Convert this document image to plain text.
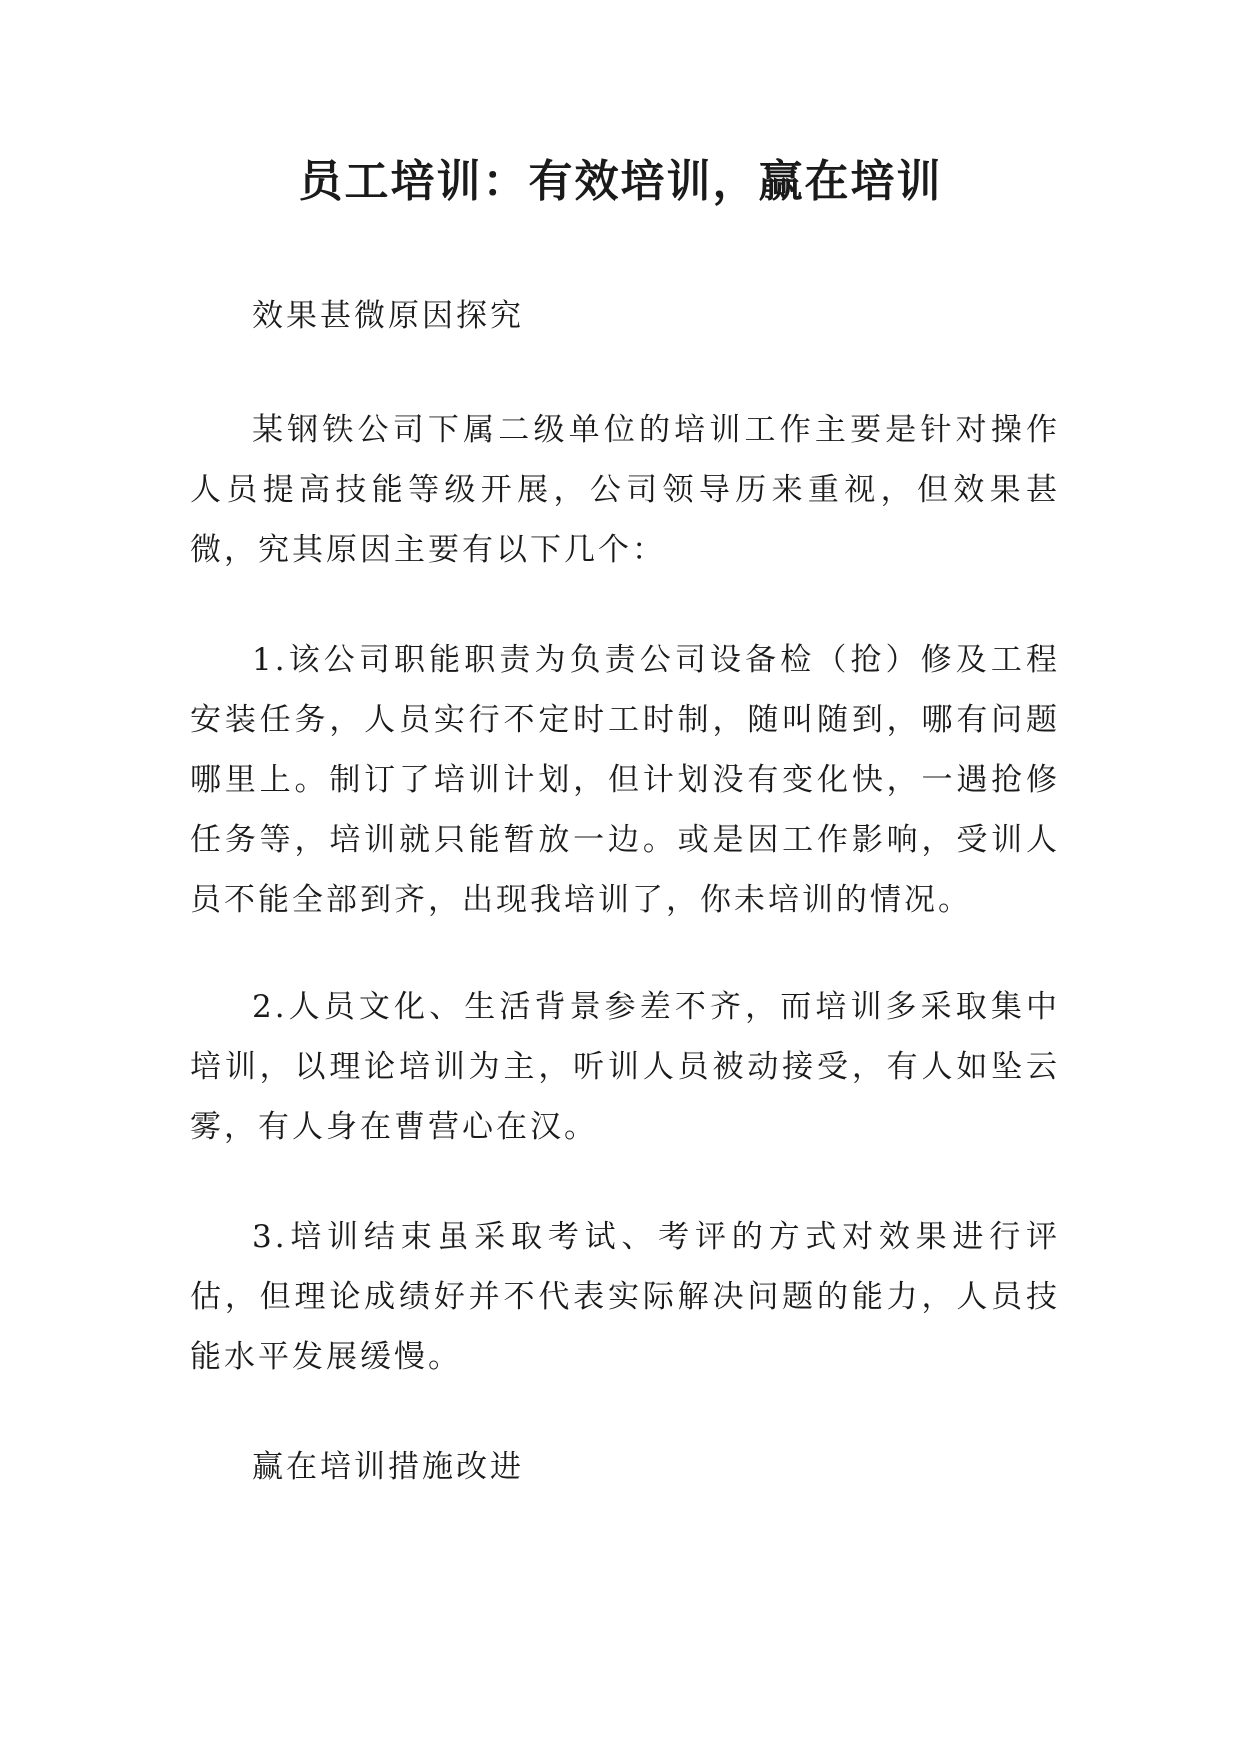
员工培训：有效培训，赢在培训

效果甚微原因探究

某钢铁公司下属二级单位的培训工作主要是针对操作人员提高技能等级开展，公司领导历来重视，但效果甚微，究其原因主要有以下几个：

1.该公司职能职责为负责公司设备检（抢）修及工程安装任务，人员实行不定时工时制，随叫随到，哪有问题哪里上。制订了培训计划，但计划没有变化快，一遇抢修任务等，培训就只能暂放一边。或是因工作影响，受训人员不能全部到齐，出现我培训了，你未培训的情况。

2.人员文化、生活背景参差不齐，而培训多采取集中培训，以理论培训为主，听训人员被动接受，有人如坠云雾，有人身在曹营心在汉。

3.培训结束虽采取考试、考评的方式对效果进行评估，但理论成绩好并不代表实际解决问题的能力，人员技能水平发展缓慢。

赢在培训措施改进
